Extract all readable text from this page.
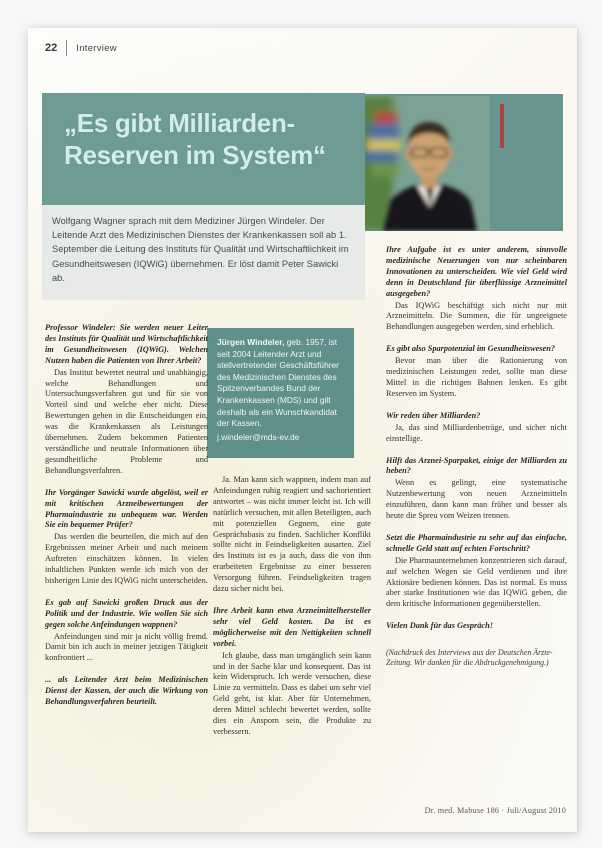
22 Interview
„Es gibt Milliarden-
Reserven im System“
Wolfgang Wagner sprach mit dem Mediziner Jürgen Windeler. Der Leitende Arzt des Medizinischen Dienstes der Krankenkassen soll ab 1. September die Leitung des Instituts für Qualität und Wirtschaftlichkeit im Gesundheitswesen (IQWiG) übernehmen. Er löst damit Peter Sawicki ab.
Jürgen Windeler, geb. 1957, ist seit 2004 Leitender Arzt und stellvertretender Geschäftsführer des Medizinischen Dienstes des Spitzenverbandes Bund der Krankenkassen (MDS) und gilt deshalb als ein Wunschkandidat der Kassen.
j.windeler@mds-ev.de

Professor Windeler: Sie werden neuer Leiter des Instituts für Qualität und Wirtschaftlichkeit im Gesundheitswesen (IQWiG). Welchen Nutzen haben die Patienten von Ihrer Arbeit?

Das Institut bewertet neutral und unabhängig, welche Behandlungen und Untersuchungsverfahren gut und für sie von Vorteil sind und welche eher nicht. Diese Bewertungen gehen in die Entscheidungen ein, was die Krankenkassen als Leistungen übernehmen. Zudem bekommen Patienten verständliche und neutrale Informationen über gesundheitliche Probleme und Behandlungsverfahren.

Ihr Vorgänger Sawicki wurde abgelöst, weil er mit kritischen Arzneibewertungen der Pharmaindustrie zu unbequem war. Werden Sie ein bequemer Prüfer?

Das werden die beurteilen, die mich auf den Ergebnissen meiner Arbeit und nach meinem Auftreten einschätzen können. In vielen inhaltlichen Punkten werde ich mich von der bisherigen Linie des IQWiG nicht unterscheiden.

Es gab auf Sawicki großen Druck aus der Politik und der Industrie. Wie wollen Sie sich gegen solche Anfeindungen wappnen?

Anfeindungen sind mir ja nicht völlig fremd. Damit bin ich auch in meiner jetzigen Tätigkeit konfrontiert ...

... als Leitender Arzt beim Medizinischen Dienst der Kassen, der auch die Wirkung von Behandlungsverfahren beurteilt.

Ja. Man kann sich wappnen, indem man auf Anfeindungen ruhig reagiert und sachorientiert antwortet – was nicht immer leicht ist. Ich will natürlich versuchen, mit allen Beteiligten, auch mit potenziellen Gegnern, eine gute Gesprächsbasis zu finden. Sachlicher Konflikt sollte nicht in Feindseligkeiten ausarten. Ziel des Instituts ist es ja auch, dass die von ihm erarbeiteten Ergebnisse zu einer besseren Versorgung führen. Feindseligkeiten tragen dazu sicher nicht bei.

Ihre Arbeit kann etwa Arzneimittelhersteller sehr viel Geld kosten. Da ist es möglicherweise mit den Nettigkeiten schnell vorbei.

Ich glaube, dass man umgänglich sein kann und in der Sache klar und konsequent. Das ist kein Widerspruch. Ich werde versuchen, diese Linie zu vermitteln. Dass es dabei um sehr viel Geld geht, ist klar. Aber für Unternehmen, deren Mittel schlecht bewertet werden, sollte dies ein Ansporn sein, die Produkte zu verbessern.

Ihre Aufgabe ist es unter anderem, sinnvolle medizinische Neuerungen von nur scheinbaren Innovationen zu unterscheiden. Wie viel Geld wird denn in Deutschland für überflüssige Arzneimittel ausgegeben?

Das IQWiG beschäftigt sich nicht nur mit Arzneimitteln. Die Summen, die für ungeeignete Behandlungen ausgegeben werden, sind erheblich.

Es gibt also Sparpotenzial im Gesundheitswesen?

Bevor man über die Rationierung von medizinischen Leistungen redet, sollte man diese Mittel in die richtigen Bahnen lenken. Es gibt Reserven im System.

Wir reden über Milliarden?

Ja, das sind Milliardenbeträge, und sicher nicht einstellige.

Hilft das Arznei-Sparpaket, einige der Milliarden zu heben?

Wenn es gelingt, eine systematische Nutzenbewertung von neuen Arzneimitteln einzuführen, dann kann man früher und besser als heute die Spreu vom Weizen trennen.

Setzt die Pharmaindustrie zu sehr auf das einfache, schnelle Geld statt auf echten Fortschritt?

Die Pharmaunternehmen konzentrieren sich darauf, auf welchen Wegen sie Geld verdienen und ihre Aktionäre bedienen können. Das ist normal. Es muss aber starke Institutionen wie das IQWiG geben, die dem kritische Informationen gegenüberstellen.

Vielen Dank für das Gespräch!

(Nachdruck des Interviews aus der Deutschen Ärzte-Zeitung. Wir danken für die Abdruckgenehmigung.)

Dr. med. Mabuse 186 · Juli/August 2010
